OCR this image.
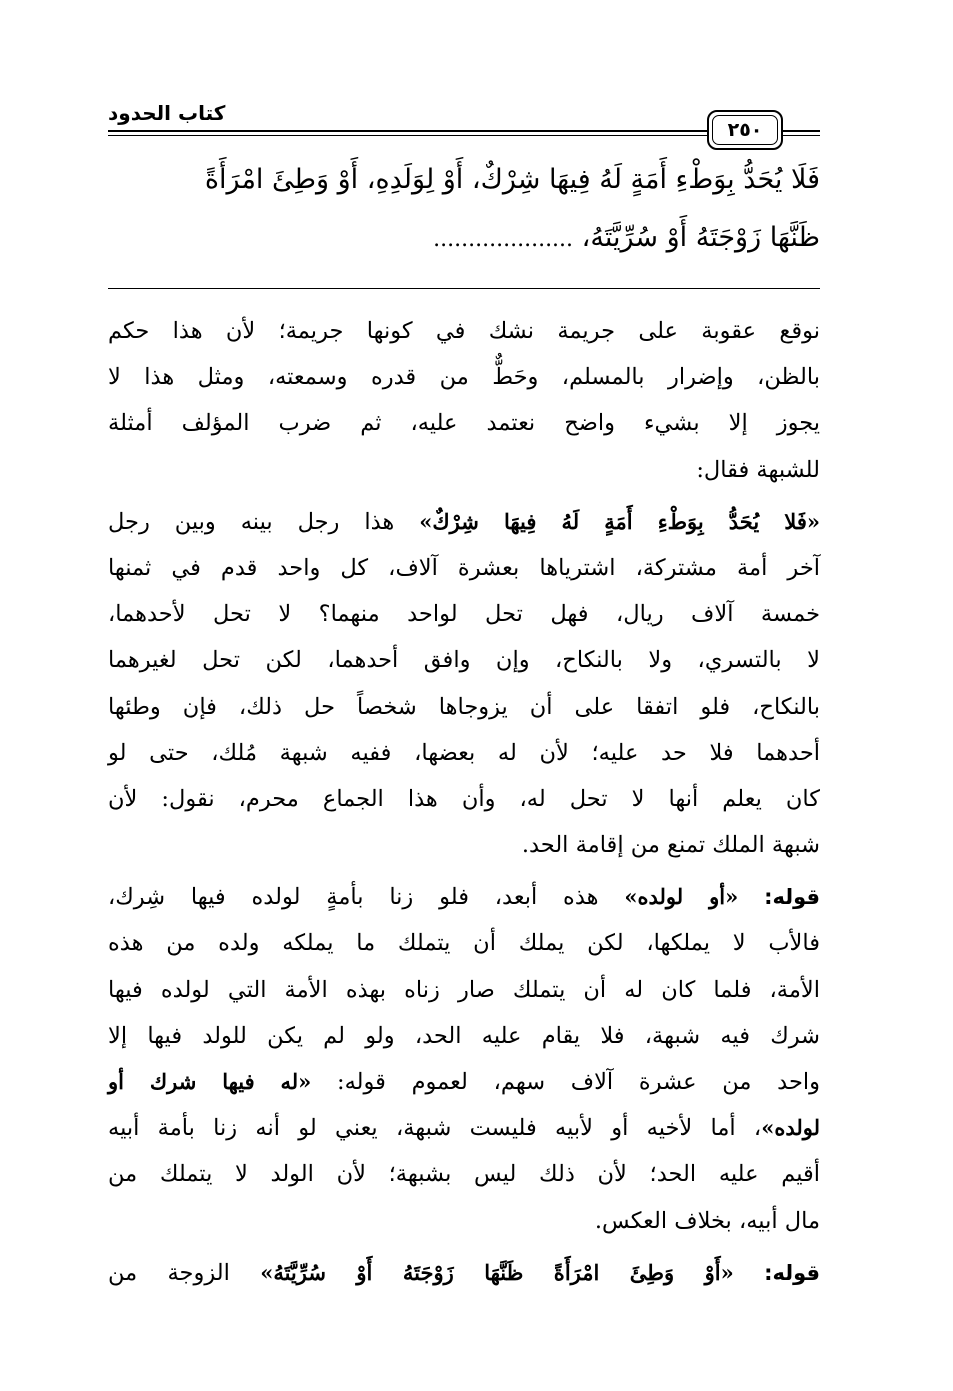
كتاب الحدود
٢٥٠
فَلَا يُحَدُّ بِوَطْءِ أَمَةٍ لَهُ فِيهَا شِرْكٌ، أَوْ لِوَلَدِهِ، أَوْ وَطِئَ امْرَأَةً
ظَنَّهَا زَوْجَتَهُ أَوْ سُرِّيَّتَهُ، ....................
نوقع عقوبة على جريمة نشك في كونها جريمة؛ لأن هذا حكم
بالظن، وإضرار بالمسلم، وحَطٌّ من قدره وسمعته، ومثل هذا لا
يجوز إلا بشيء واضح نعتمد عليه، ثم ضرب المؤلف أمثلة
للشبهة فقال:
«فَلا يُحَدُّ بِوَطْءِ أَمَةٍ لَهُ فِيهَا شِرْكٌ» هذا رجل بينه وبين رجل
آخر أمة مشتركة، اشترياها بعشرة آلاف، كل واحد قدم في ثمنها
خمسة آلاف ريال، فهل تحل لواحد منهما؟ لا تحل لأحدهما،
لا بالتسري، ولا بالنكاح، وإن وافق أحدهما، لكن تحل لغيرهما
بالنكاح، فلو اتفقا على أن يزوجاها شخصاً حل ذلك، فإن وطئها
أحدهما فلا حد عليه؛ لأن له بعضها، ففيه شبهة مُلك، حتى لو
كان يعلم أنها لا تحل له، وأن هذا الجماع محرم، نقول: لأن
شبهة الملك تمنع من إقامة الحد.
قوله: «أو لولده» هذه أبعد، فلو زنا بأمةٍ لولده فيها شِرك،
فالأب لا يملكها، لكن يملك أن يتملك ما يملكه ولده من هذه
الأمة، فلما كان له أن يتملك صار زناه بهذه الأمة التي لولده فيها
شرك فيه شبهة، فلا يقام عليه الحد، ولو لم يكن للولد فيها إلا
واحد من عشرة آلاف سهم، لعموم قوله: «له فيها شرك أو
لولده»، أما لأخيه أو لأبيه فليست شبهة، يعني لو أنه زنا بأمة أبيه
أقيم عليه الحد؛ لأن ذلك ليس بشبهة؛ لأن الولد لا يتملك من
مال أبيه، بخلاف العكس.
قوله: «أَوْ وَطِئَ امْرَأَةً ظَنَّهَا زَوْجَتَهُ أَوْ سُرِّيَّتَهُ» الزوجة من
